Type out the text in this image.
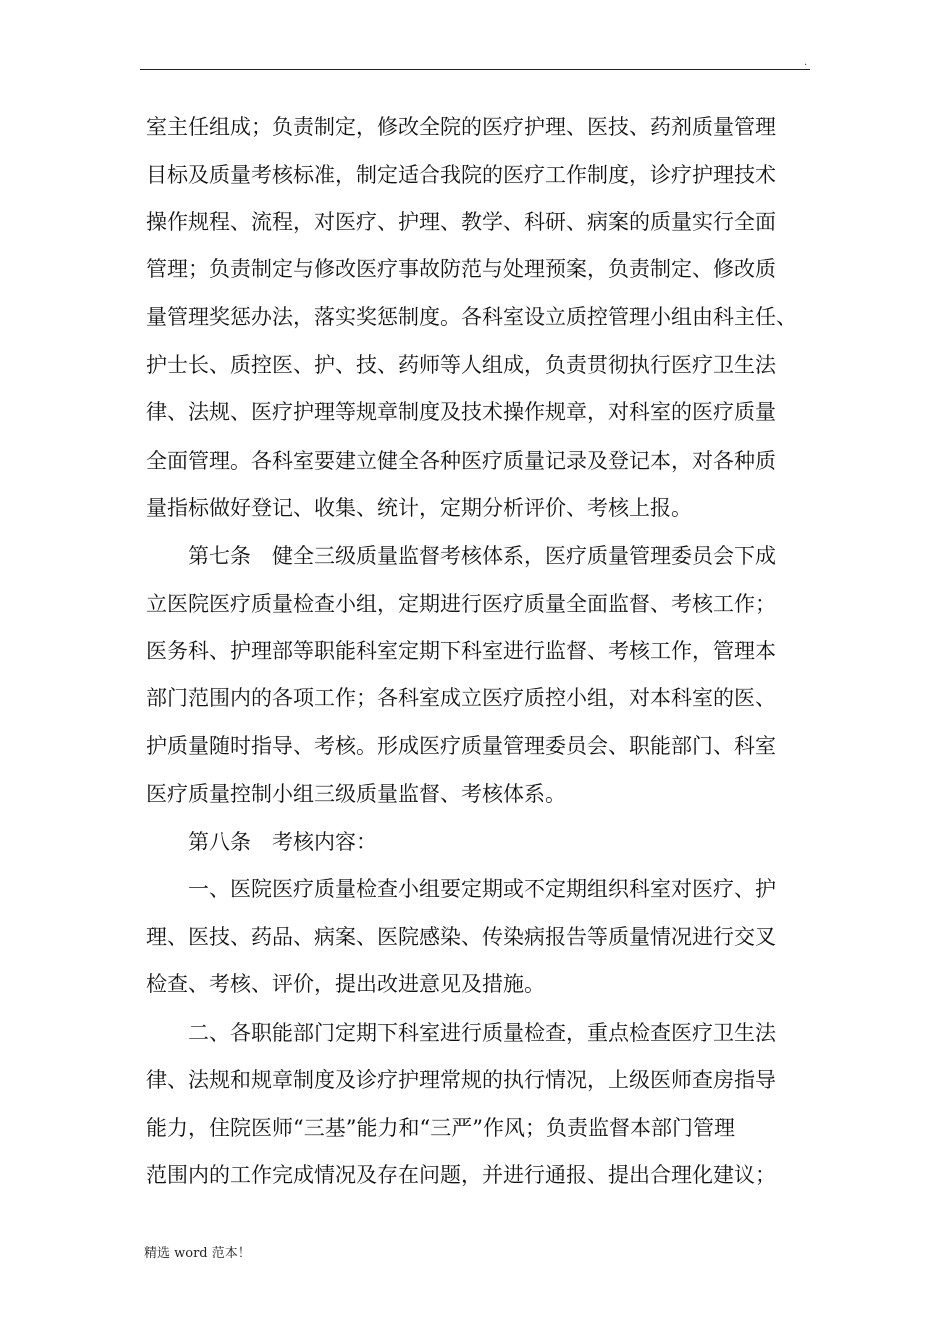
.
室主任组成；负责制定，修改全院的医疗护理、医技、药剂质量管理
目标及质量考核标准，制定适合我院的医疗工作制度，诊疗护理技术
操作规程、流程，对医疗、护理、教学、科研、病案的质量实行全面
管理；负责制定与修改医疗事故防范与处理预案，负责制定、修改质
量管理奖惩办法，落实奖惩制度。各科室设立质控管理小组由科主任、
护士长、质控医、护、技、药师等人组成，负责贯彻执行医疗卫生法
律、法规、医疗护理等规章制度及技术操作规章，对科室的医疗质量
全面管理。各科室要建立健全各种医疗质量记录及登记本，对各种质
量指标做好登记、收集、统计，定期分析评价、考核上报。
第七条　健全三级质量监督考核体系，医疗质量管理委员会下成
立医院医疗质量检查小组，定期进行医疗质量全面监督、考核工作；
医务科、护理部等职能科室定期下科室进行监督、考核工作，管理本
部门范围内的各项工作；各科室成立医疗质控小组，对本科室的医、
护质量随时指导、考核。形成医疗质量管理委员会、职能部门、科室
医疗质量控制小组三级质量监督、考核体系。
第八条　考核内容：
一、医院医疗质量检查小组要定期或不定期组织科室对医疗、护
理、医技、药品、病案、医院感染、传染病报告等质量情况进行交叉
检查、考核、评价，提出改进意见及措施。
二、各职能部门定期下科室进行质量检查，重点检查医疗卫生法
律、法规和规章制度及诊疗护理常规的执行情况，上级医师查房指导
能力，住院医师“三基”能力和“三严”作风；负责监督本部门管理
范围内的工作完成情况及存在问题，并进行通报、提出合理化建议；
精选 word 范本！
